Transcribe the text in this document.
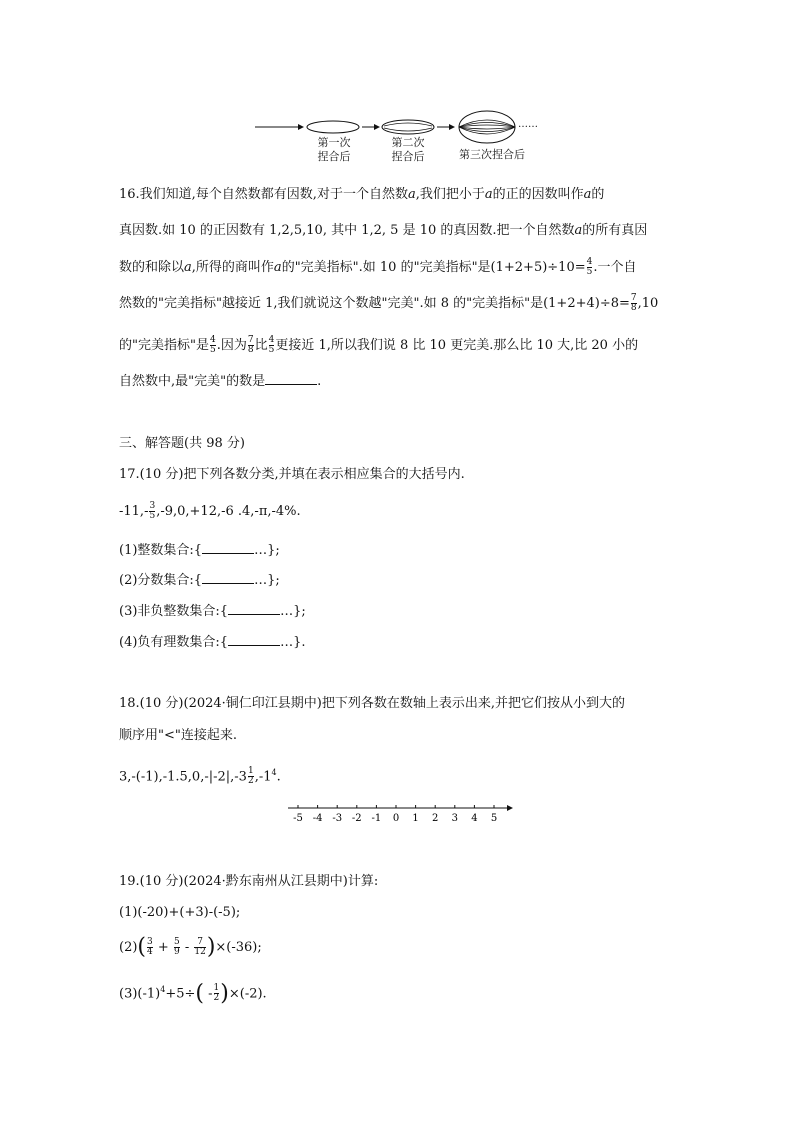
……
第一次
捏合后
第二次
捏合后	第三次捏合后
16.我们知道,每个自然数都有因数,对于一个自然数a,我们把小于a的正的因数叫作a的
真因数.如 10 的正因数有 1,2,5,10, 其中 1,2, 5 是 10 的真因数.把一个自然数a的所有真因
数的和除以a,所得的商叫作a的"完美指标".如 10 的"完美指标"是$(1+2+5)\div 10= \frac{4}{5}$ .一个自
然数的"完美指标"越接近 1,我们就说这个数越"完美".如 8 的"完美指标"是$(1+2+4)\div 8= \frac{7}{8} ,10$
的"完美指标"是 $\frac{4}{5}$ .因为 $\frac{7}{8}$ 比 $\frac{4}{5}$ 更接近 1,所以我们说 8 比 10 更完美.那么比 10 大,比 20 小的
自然数中,最"完美"的数是	.
三、解答题(共 98 分)
17.(10 分)把下列各数分类,并填在表示相应集合的大括号内.
$-11,- \frac{3}{5} ,-9,0,+12,-6$ .4,-π,-4%.
(1)整数集合:{	…};
(2)分数集合:{	…};
(3)非负整数集合:{	…};
(4)负有理数集合:{	…}.
18.(10 分)(2024·铜仁印江县期中)把下列各数在数轴上表示出来,并把它们按从小到大的
顺序用"<"连接起来.
$3,-(-1),-1.5,0,-|-2|,-3 \frac{1}{2} ,-1^4$.
-5 -4 -3 -2 -1 0 1 2 3 4 5
19.(10 分)(2024·黔东南州从江县期中)计算:
(1)(-20)+(+3)-(-5);
$(2)( \frac{3}{4} + \frac{5}{9} - \frac{7}{12} )\times(-36)$;
$(3)(-1)^4+5\div( - \frac{1}{2} )\times(-2)$.
